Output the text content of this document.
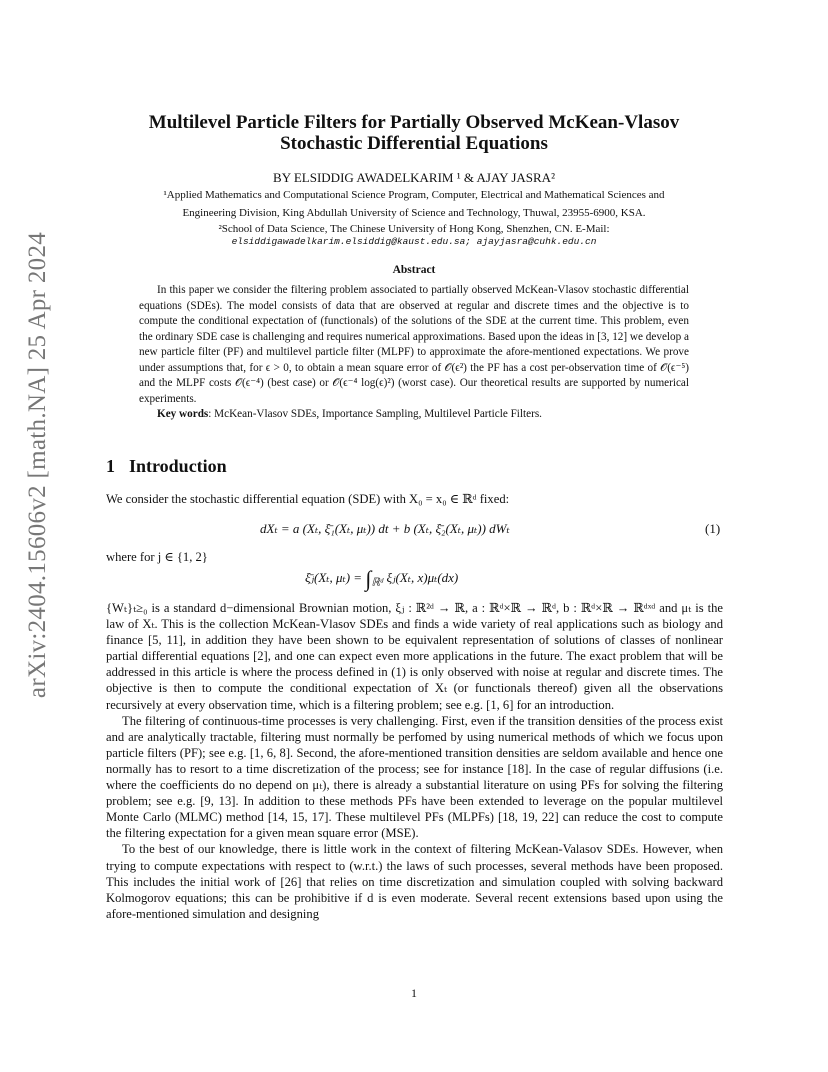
arXiv:2404.15606v2 [math.NA] 25 Apr 2024
Multilevel Particle Filters for Partially Observed McKean-Vlasov
Stochastic Differential Equations
BY ELSIDDIG AWADELKARIM ¹ & AJAY JASRA²
¹Applied Mathematics and Computational Science Program, Computer, Electrical and Mathematical Sciences and
Engineering Division, King Abdullah University of Science and Technology, Thuwal, 23955-6900, KSA.
²School of Data Science, The Chinese University of Hong Kong, Shenzhen, CN. E-Mail:
elsiddigawadelkarim.elsiddig@kaust.edu.sa; ajayjasra@cuhk.edu.cn
Abstract

In this paper we consider the filtering problem associated to partially observed McKean-Vlasov stochastic differential equations (SDEs). The model consists of data that are observed at regular and discrete times and the objective is to compute the conditional expectation of (functionals) of the solutions of the SDE at the current time. This problem, even the ordinary SDE case is challenging and requires numerical approximations. Based upon the ideas in [3, 12] we develop a new particle filter (PF) and multilevel particle filter (MLPF) to approximate the afore-mentioned expectations. We prove under assumptions that, for ϵ > 0, to obtain a mean square error of 𝒪(ϵ²) the PF has a cost per-observation time of 𝒪(ϵ⁻⁵) and the MLPF costs 𝒪(ϵ⁻⁴) (best case) or 𝒪(ϵ⁻⁴ log(ϵ)²) (worst case). Our theoretical results are supported by numerical experiments.

Key words: McKean-Vlasov SDEs, Importance Sampling, Multilevel Particle Filters.

1 Introduction
We consider the stochastic differential equation (SDE) with X₀ = x₀ ∈ ℝᵈ fixed:
dXₜ = a (Xₜ, ξ̄₁(Xₜ, μₜ)) dt + b (Xₜ, ξ̄₂(Xₜ, μₜ)) dWₜ	(1)
where for j ∈ {1, 2}
ξ̄ⱼ(Xₜ, $\mu_t) = \int_{ℝᵈ}$ ξⱼ(Xₜ, x)μₜ(dx)

{Wₜ}ₜ≥₀ is a standard d−dimensional Brownian motion, ξⱼ : ℝ²ᵈ → ℝ, a : ℝᵈ×ℝ → ℝᵈ, b : ℝᵈ×ℝ → ℝᵈˣᵈ and μₜ is the law of Xₜ. This is the collection McKean-Vlasov SDEs and finds a wide variety of real applications such as biology and finance [5, 11], in addition they have been shown to be equivalent representation of solutions of classes of nonlinear partial differential equations [2], and one can expect even more applications in the future. The exact problem that will be addressed in this article is where the process defined in (1) is only observed with noise at regular and discrete times. The objective is then to compute the conditional expectation of Xₜ (or functionals thereof) given all the observations recursively at every observation time, which is a filtering problem; see e.g. [1, 6] for an introduction.

The filtering of continuous-time processes is very challenging. First, even if the transition densities of the process exist and are analytically tractable, filtering must normally be perfomed by using numerical methods of which we focus upon particle filters (PF); see e.g. [1, 6, 8]. Second, the afore-mentioned transition densities are seldom available and hence one normally has to resort to a time discretization of the process; see for instance [18]. In the case of regular diffusions (i.e. where the coefficients do no depend on μₜ), there is already a substantial literature on using PFs for solving the filtering problem; see e.g. [9, 13]. In addition to these methods PFs have been extended to leverage on the popular multilevel Monte Carlo (MLMC) method [14, 15, 17]. These multilevel PFs (MLPFs) [18, 19, 22] can reduce the cost to compute the filtering expectation for a given mean square error (MSE).

To the best of our knowledge, there is little work in the context of filtering McKean-Valasov SDEs. However, when trying to compute expectations with respect to (w.r.t.) the laws of such processes, several methods have been proposed. This includes the initial work of [26] that relies on time discretization and simulation coupled with solving backward Kolmogorov equations; this can be prohibitive if d is even moderate. Several recent extensions based upon using the afore-mentioned simulation and designing

1
